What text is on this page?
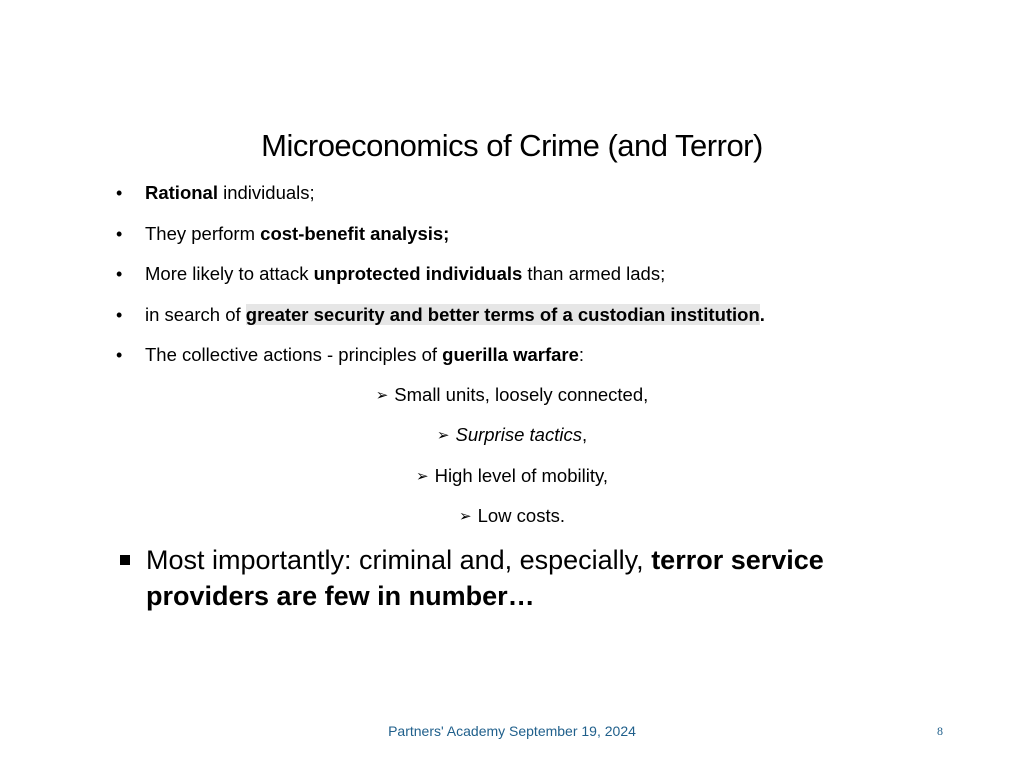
Microeconomics of Crime (and Terror)
•	Rational individuals;
•	They perform cost-benefit analysis;
•	More likely to attack unprotected individuals than armed lads;
•	in search of greater security and better terms of a custodian institution.
•	The collective actions - principles of guerilla warfare:
➢ Small units, loosely connected,
➢ Surprise tactics,
➢ High level of mobility,
➢ Low costs.
Most importantly: criminal and, especially, terror service providers are few in number…
Partners' Academy September 19, 2024	8
